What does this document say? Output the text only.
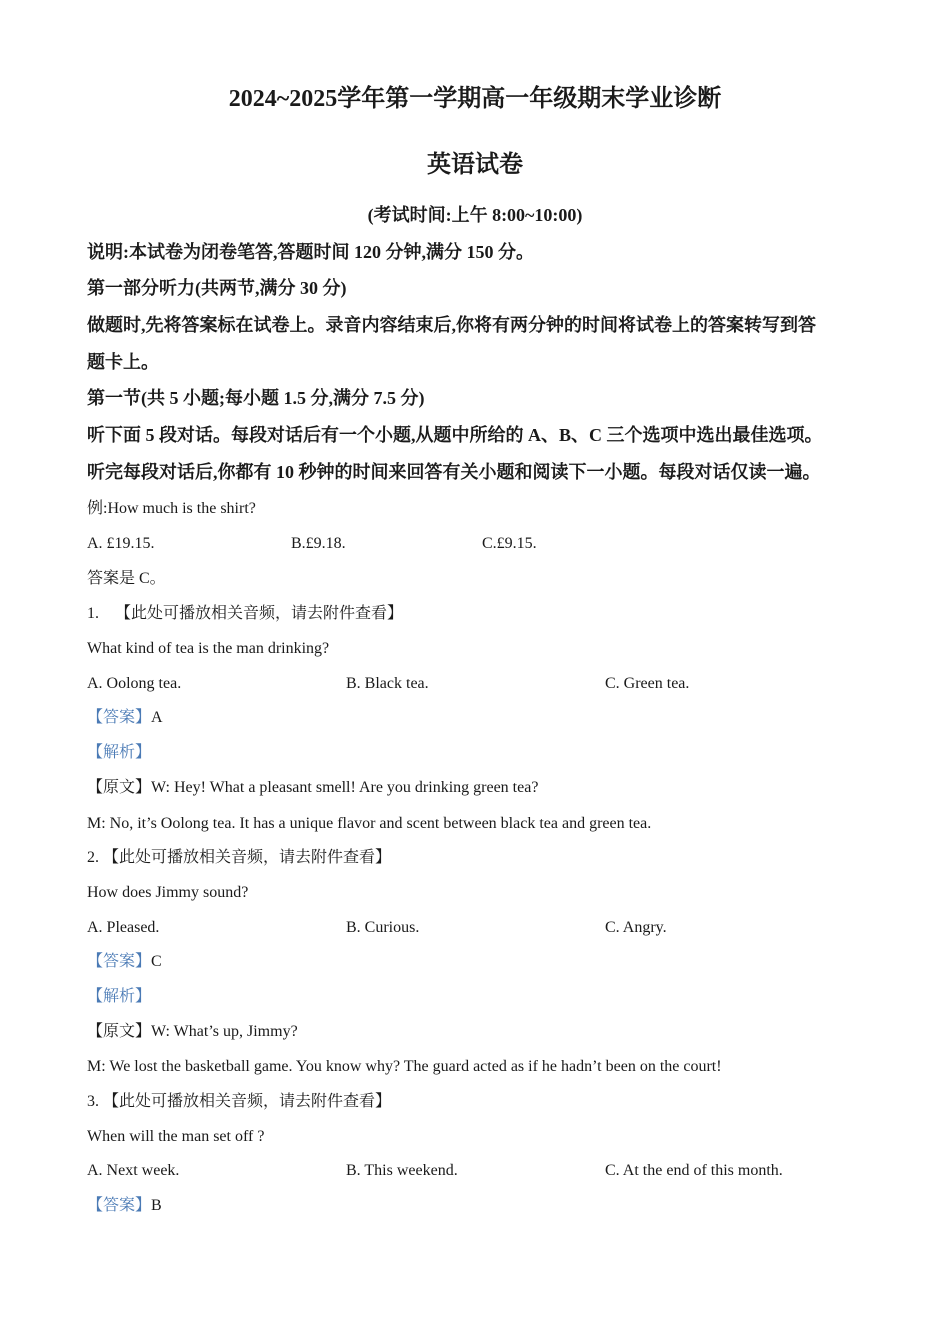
2024~2025学年第一学期高一年级期末学业诊断
英语试卷
(考试时间:上午 8:00~10:00)
说明:本试卷为闭卷笔答,答题时间 120 分钟,满分 150 分。
第一部分听力(共两节,满分 30 分)
做题时,先将答案标在试卷上。录音内容结束后,你将有两分钟的时间将试卷上的答案转写到答
题卡上。
第一节(共 5 小题;每小题 1.5 分,满分 7.5 分)
听下面 5 段对话。每段对话后有一个小题,从题中所给的 A、B、C 三个选项中选出最佳选项。
听完每段对话后,你都有 10 秒钟的时间来回答有关小题和阅读下一小题。每段对话仅读一遍。
例:How much is the shirt?
A. £19.15.	B.£9.18.	C.£9.15.
答案是 C。
1. 【此处可播放相关音频，请去附件查看】
What kind of tea is the man drinking?
A. Oolong tea.	B. Black tea.	C. Green tea.
【答案】A
【解析】
【原文】W: Hey! What a pleasant smell! Are you drinking green tea?
M: No, it’s Oolong tea. It has a unique flavor and scent between black tea and green tea.
2. 【此处可播放相关音频，请去附件查看】
How does Jimmy sound?
A. Pleased.	B. Curious.	C. Angry.
【答案】C
【解析】
【原文】W: What’s up, Jimmy?
M: We lost the basketball game. You know why? The guard acted as if he hadn’t been on the court!
3. 【此处可播放相关音频，请去附件查看】
When will the man set off ?
A. Next week.	B. This weekend.	C. At the end of this month.
【答案】B
